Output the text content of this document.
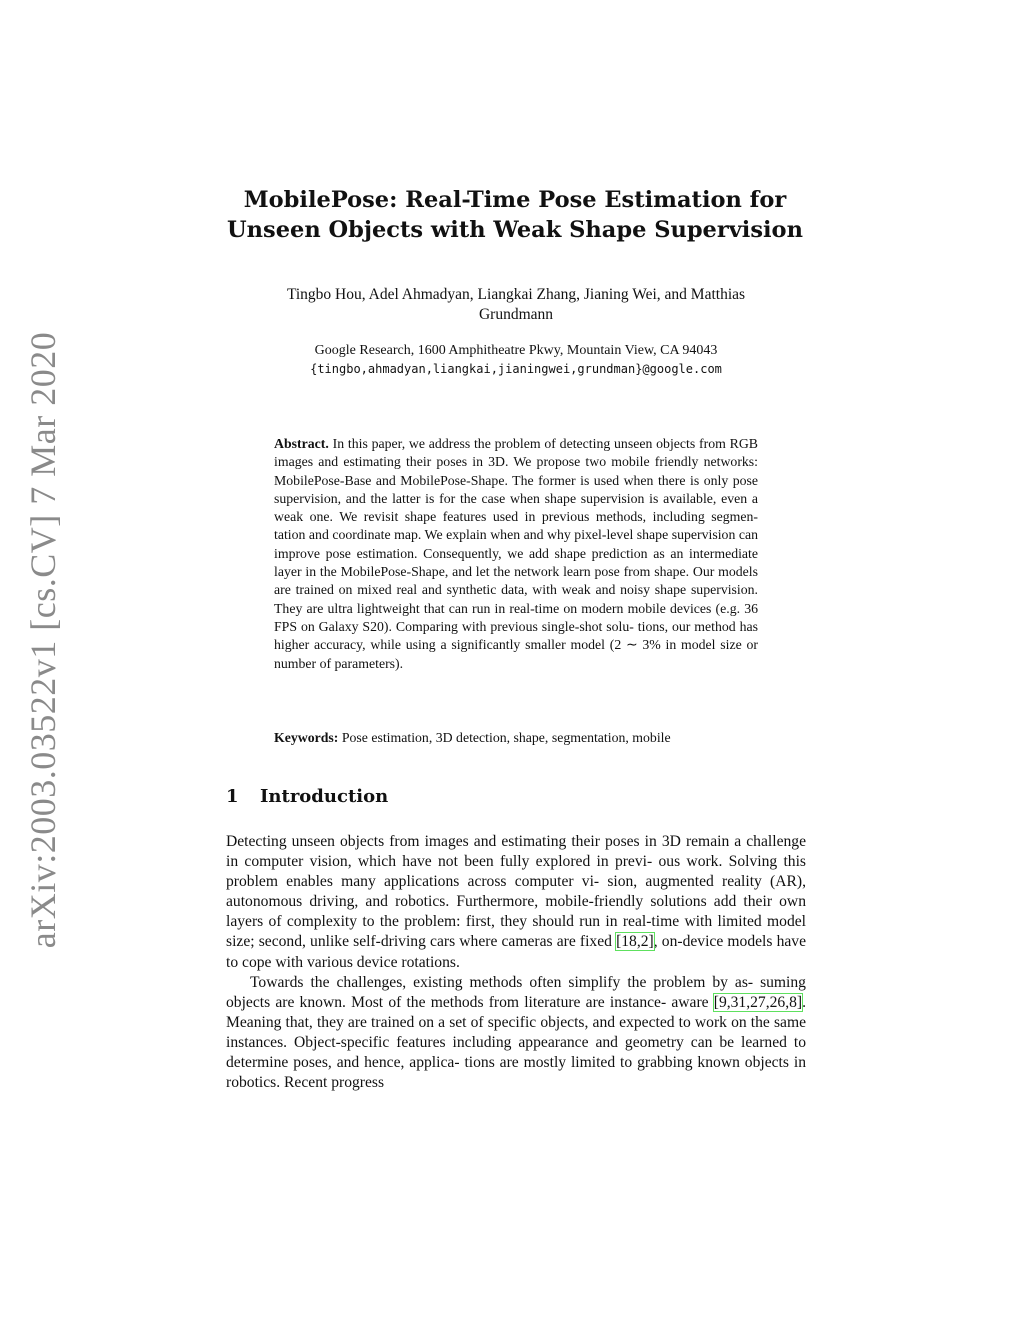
arXiv:2003.03522v1 [cs.CV] 7 Mar 2020
MobilePose: Real-Time Pose Estimation for
Unseen Objects with Weak Shape Supervision
Tingbo Hou, Adel Ahmadyan, Liangkai Zhang, Jianing Wei, and Matthias
Grundmann
Google Research, 1600 Amphitheatre Pkwy, Mountain View, CA 94043
{tingbo,ahmadyan,liangkai,jianingwei,grundman}@google.com
Abstract. In this paper, we address the problem of detecting unseen objects from RGB images and estimating their poses in 3D. We propose two mobile friendly networks: MobilePose-Base and MobilePose-Shape. The former is used when there is only pose supervision, and the latter is for the case when shape supervision is available, even a weak one. We revisit shape features used in previous methods, including segmen- tation and coordinate map. We explain when and why pixel-level shape supervision can improve pose estimation. Consequently, we add shape prediction as an intermediate layer in the MobilePose-Shape, and let the network learn pose from shape. Our models are trained on mixed real and synthetic data, with weak and noisy shape supervision. They are ultra lightweight that can run in real-time on modern mobile devices (e.g. 36 FPS on Galaxy S20). Comparing with previous single-shot solu- tions, our method has higher accuracy, while using a significantly smaller model (2 ∼ 3% in model size or number of parameters).
Keywords: Pose estimation, 3D detection, shape, segmentation, mobile
1 Introduction

Detecting unseen objects from images and estimating their poses in 3D remain a challenge in computer vision, which have not been fully explored in previ- ous work. Solving this problem enables many applications across computer vi- sion, augmented reality (AR), autonomous driving, and robotics. Furthermore, mobile-friendly solutions add their own layers of complexity to the problem: first, they should run in real-time with limited model size; second, unlike self-driving cars where cameras are fixed [18,2], on-device models have to cope with various device rotations.

Towards the challenges, existing methods often simplify the problem by as- suming objects are known. Most of the methods from literature are instance- aware [9,31,27,26,8]. Meaning that, they are trained on a set of specific objects, and expected to work on the same instances. Object-specific features including appearance and geometry can be learned to determine poses, and hence, applica- tions are mostly limited to grabbing known objects in robotics. Recent progress
